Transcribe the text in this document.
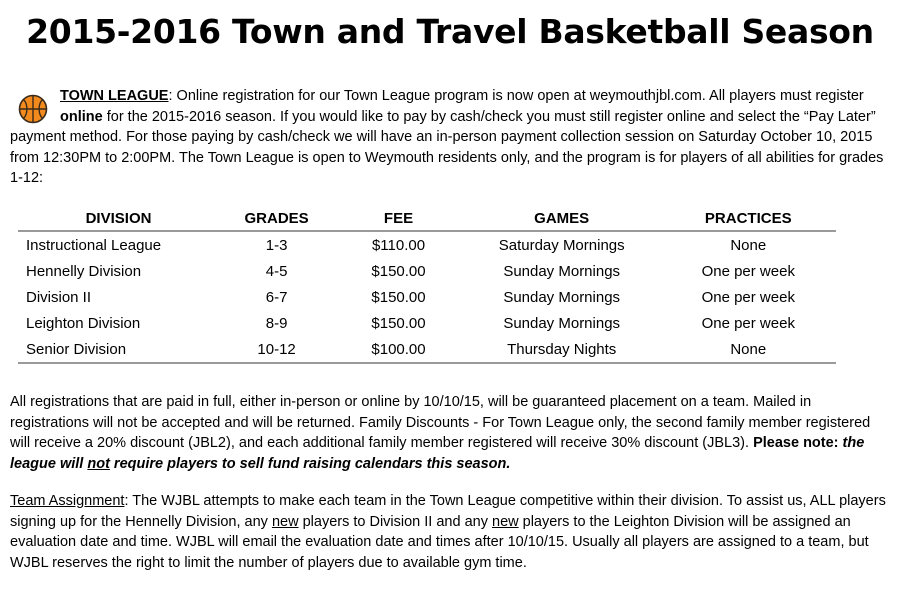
2015-2016 Town and Travel Basketball Season
TOWN LEAGUE: Online registration for our Town League program is now open at weymouthjbl.com. All players must register online for the 2015-2016 season. If you would like to pay by cash/check you must still register online and select the “Pay Later” payment method. For those paying by cash/check we will have an in-person payment collection session on Saturday October 10, 2015 from 12:30PM to 2:00PM. The Town League is open to Weymouth residents only, and the program is for players of all abilities for grades 1-12:
DIVISION	GRADES	FEE	GAMES	PRACTICES
Instructional League	1-3	$110.00	Saturday Mornings	None
Hennelly Division	4-5	$150.00	Sunday Mornings	One per week
Division II	6-7	$150.00	Sunday Mornings	One per week
Leighton Division	8-9	$150.00	Sunday Mornings	One per week
Senior Division	10-12	$100.00	Thursday Nights	None
All registrations that are paid in full, either in-person or online by 10/10/15, will be guaranteed placement on a team. Mailed in registrations will not be accepted and will be returned. Family Discounts - For Town League only, the second family member registered will receive a 20% discount (JBL2), and each additional family member registered will receive 30% discount (JBL3). Please note: the league will not require players to sell fund raising calendars this season.
Team Assignment: The WJBL attempts to make each team in the Town League competitive within their division. To assist us, ALL players signing up for the Hennelly Division, any new players to Division II and any new players to the Leighton Division will be assigned an evaluation date and time. WJBL will email the evaluation date and times after 10/10/15. Usually all players are assigned to a team, but WJBL reserves the right to limit the number of players due to available gym time.
